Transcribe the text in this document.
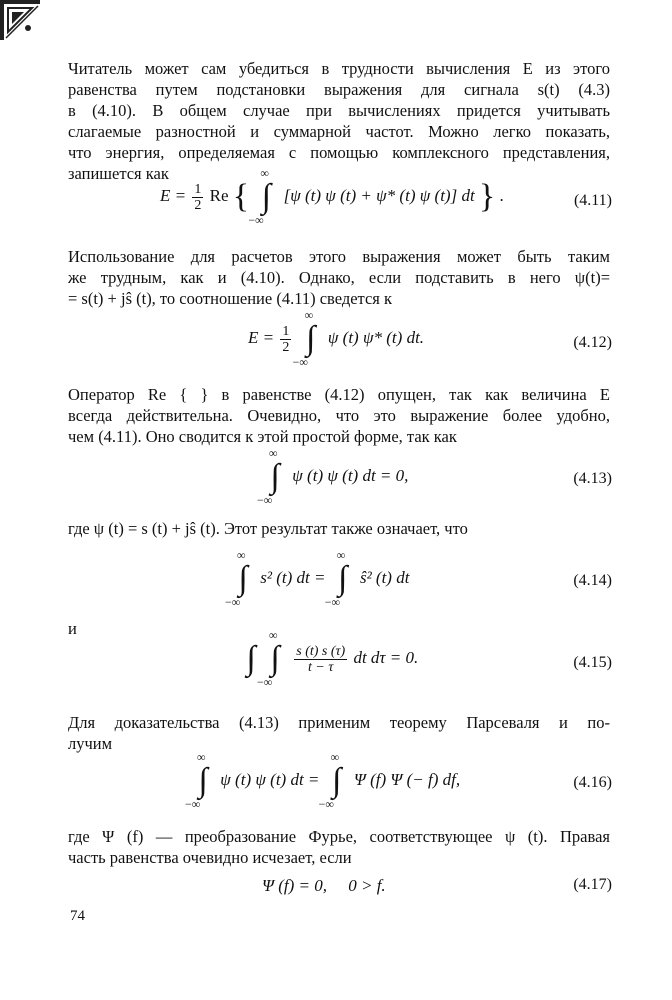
Читатель может сам убедиться в трудности вычисления E из этого
равенства путем подстановки выражения для сигнала s(t) (4.3)
в (4.10). В общем случае при вычислениях придется учитывать
слагаемые разностной и суммарной частот. Можно легко показать,
что энергия, определяемая с помощью комплексного представления,
запишется как
$E = \frac{1}{2}$ Re {
∞
∫
−∞
[ψ (t) ψ (t) + ψ* (t) ψ (t)] dt } .	(4.11)
Использование для расчетов этого выражения может быть таким
же трудным, как и (4.10). Однако, если подставить в него ψ(t)=
= s(t) + jŝ (t), то соотношение (4.11) сведется к
$E = \frac{1}{2}$

∞
∫
−∞
ψ (t) ψ* (t) dt.	(4.12)
Оператор Re { } в равенстве (4.12) опущен, так как величина E
всегда действительна. Очевидно, что это выражение более удобно,
чем (4.11). Оно сводится к этой простой форме, так как
∞
∫
−∞
ψ (t) ψ (t) dt = 0,	(4.13)
где ψ (t) = s (t) + jŝ (t). Этот результат также означает, что
∞
∫
−∞
s² (t) dt =
∞
∫
−∞
ŝ² (t) dt	(4.14)
и
∫
∞
∫
−∞

$\frac{s (t) s (\tau)}{t - \tau}$ dt dτ = 0.	(4.15)
Для доказательства (4.13) применим теорему Парсеваля и по-
лучим
∞
∫
−∞
ψ (t) ψ (t) dt =
∞
∫
−∞
Ψ (f) Ψ (− f) df,	(4.16)
где Ψ (f) — преобразование Фурье, соответствующее ψ (t). Правая
часть равенства очевидно исчезает, если
Ψ (f) = 0,     0 > f.	(4.17)
74
